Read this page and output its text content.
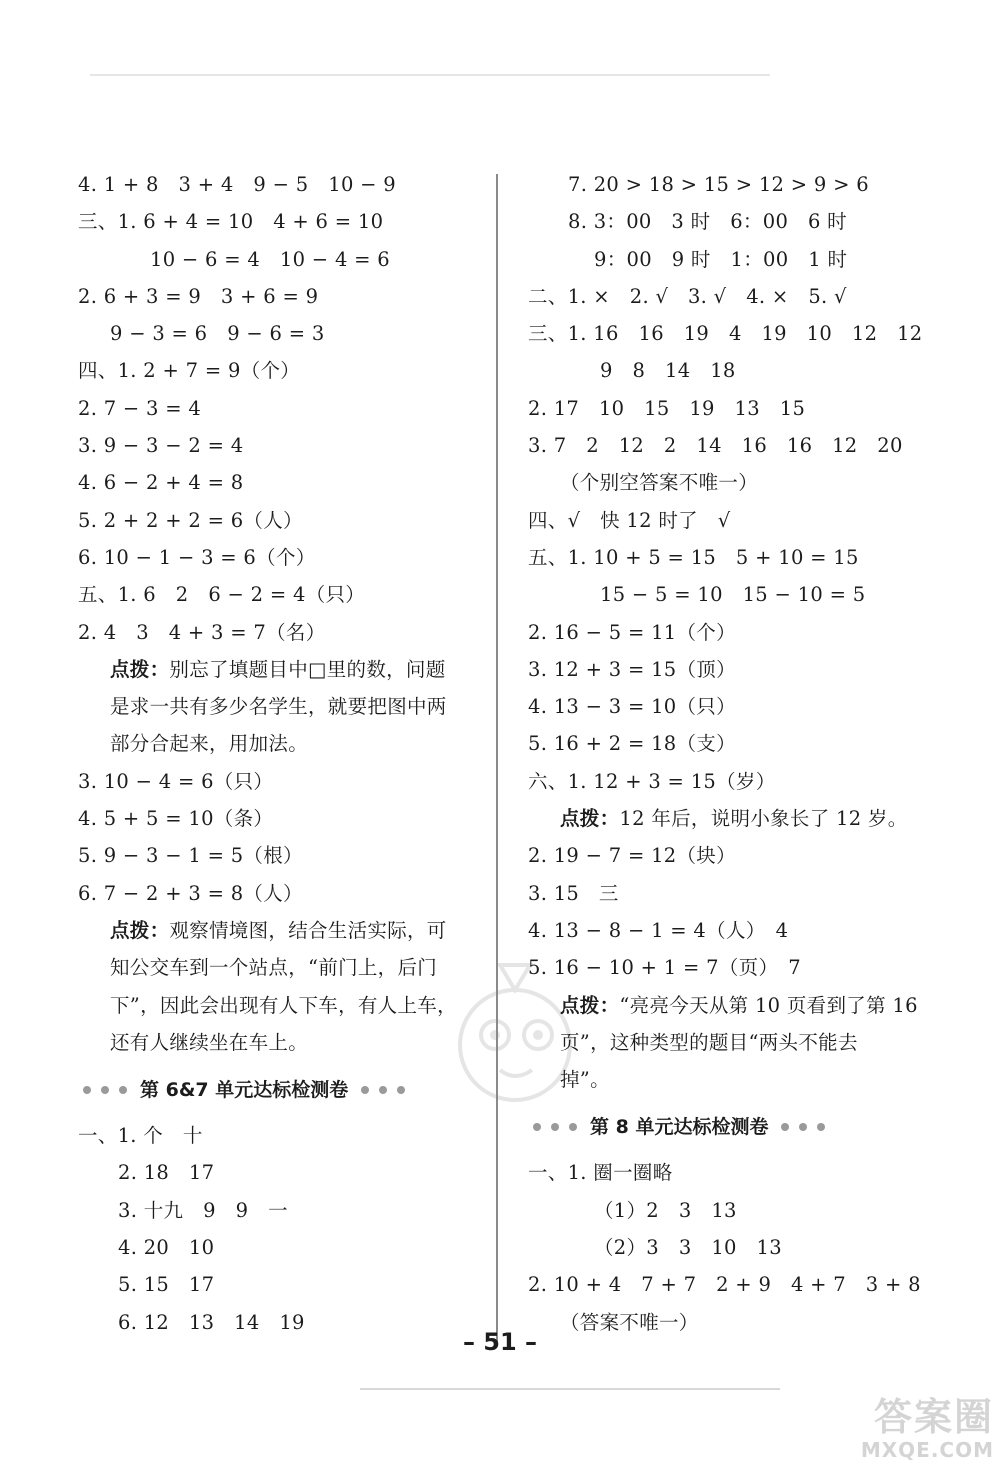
4. 1 + 8　3 + 4　9 − 5　10 − 9
三、1. 6 + 4 = 10　4 + 6 = 10
10 − 6 = 4　10 − 4 = 6
2. 6 + 3 = 9　3 + 6 = 9
9 − 3 = 6　9 − 6 = 3
四、1. 2 + 7 = 9（个）
2. 7 − 3 = 4
3. 9 − 3 − 2 = 4
4. 6 − 2 + 4 = 8
5. 2 + 2 + 2 = 6（人）
6. 10 − 1 − 3 = 6（个）
五、1. 6　2　6 − 2 = 4（只）
2. 4　3　4 + 3 = 7（名）
点拨：别忘了填题目中□里的数，问题
是求一共有多少名学生，就要把图中两
部分合起来，用加法。
3. 10 − 4 = 6（只）
4. 5 + 5 = 10（条）
5. 9 − 3 − 1 = 5（根）
6. 7 − 2 + 3 = 8（人）
点拨：观察情境图，结合生活实际，可
知公交车到一个站点，“前门上，后门
下”，因此会出现有人下车，有人上车，
还有人继续坐在车上。
第 6&7 单元达标检测卷
一、1. 个　十
2. 18　17
3. 十九　9　9　一
4. 20　10
5. 15　17
6. 12　13　14　19
7. 20 > 18 > 15 > 12 > 9 > 6
8. 3：00　3 时　6：00　6 时
9：00　9 时　1：00　1 时
二、1. ×　2. √　3. √　4. ×　5. √
三、1. 16　16　19　4　19　10　12　12
9　8　14　18
2. 17　10　15　19　13　15
3. 7　2　12　2　14　16　16　12　20
（个别空答案不唯一）
四、√　快 12 时了　√
五、1. 10 + 5 = 15　5 + 10 = 15
15 − 5 = 10　15 − 10 = 5
2. 16 − 5 = 11（个）
3. 12 + 3 = 15（顶）
4. 13 − 3 = 10（只）
5. 16 + 2 = 18（支）
六、1. 12 + 3 = 15（岁）
点拨：12 年后，说明小象长了 12 岁。
2. 19 − 7 = 12（块）
3. 15　三
4. 13 − 8 − 1 = 4（人）　4
5. 16 − 10 + 1 = 7（页）　7
点拨：“亮亮今天从第 10 页看到了第 16
页”，这种类型的题目“两头不能去
掉”。
第 8 单元达标检测卷
一、1. 圈一圈略
（1）2　3　13
（2）3　3　10　13
2. 10 + 4　7 + 7　2 + 9　4 + 7　3 + 8
（答案不唯一）
– 51 –
答案圈
MXQE.COM
